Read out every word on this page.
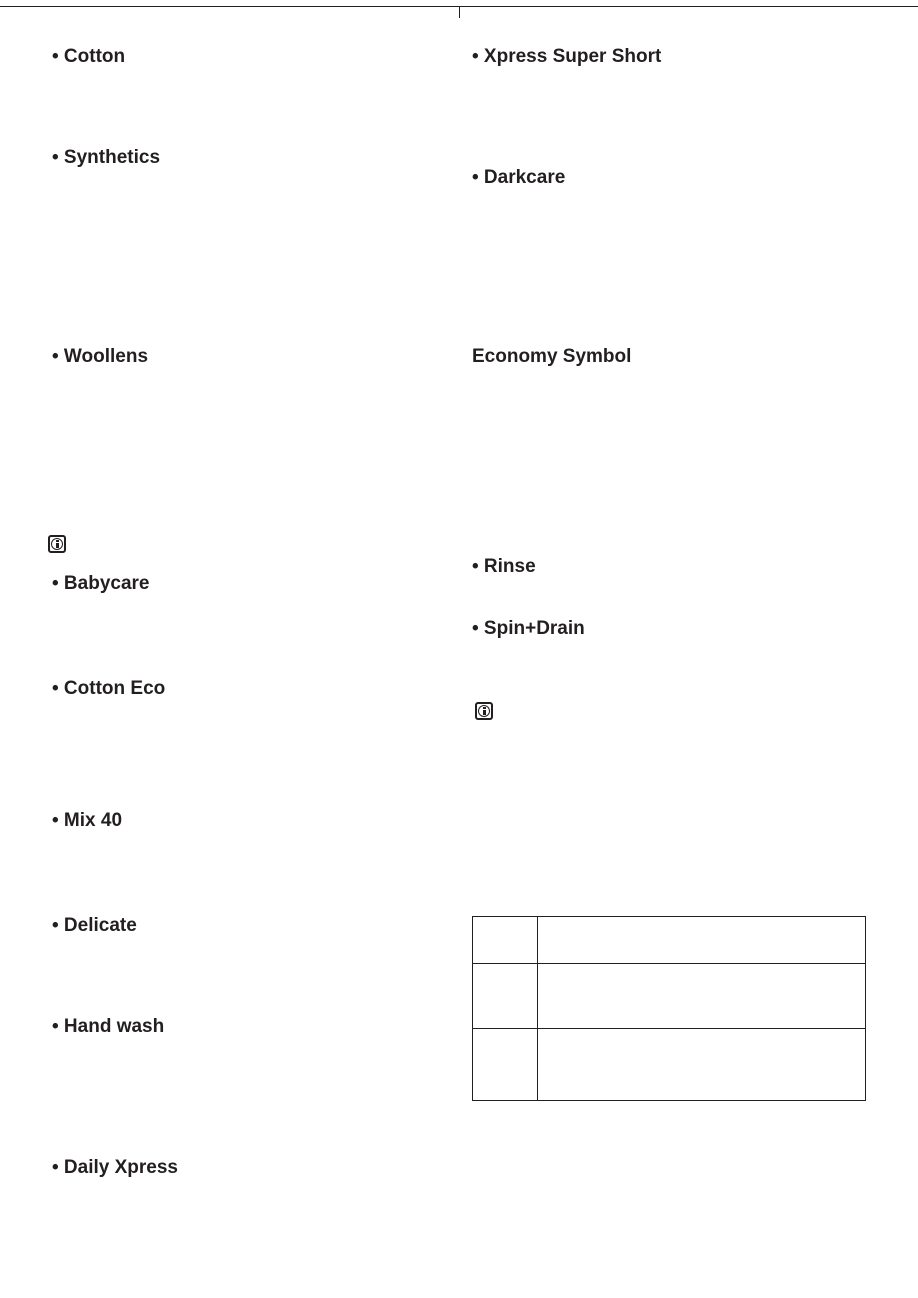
• Cotton
• Synthetics
• Woollens
• Babycare
• Cotton Eco
• Mix 40
• Delicate
• Hand wash
• Daily Xpress
• Xpress Super Short
• Darkcare
Economy Symbol
• Rinse
• Spin+Drain
